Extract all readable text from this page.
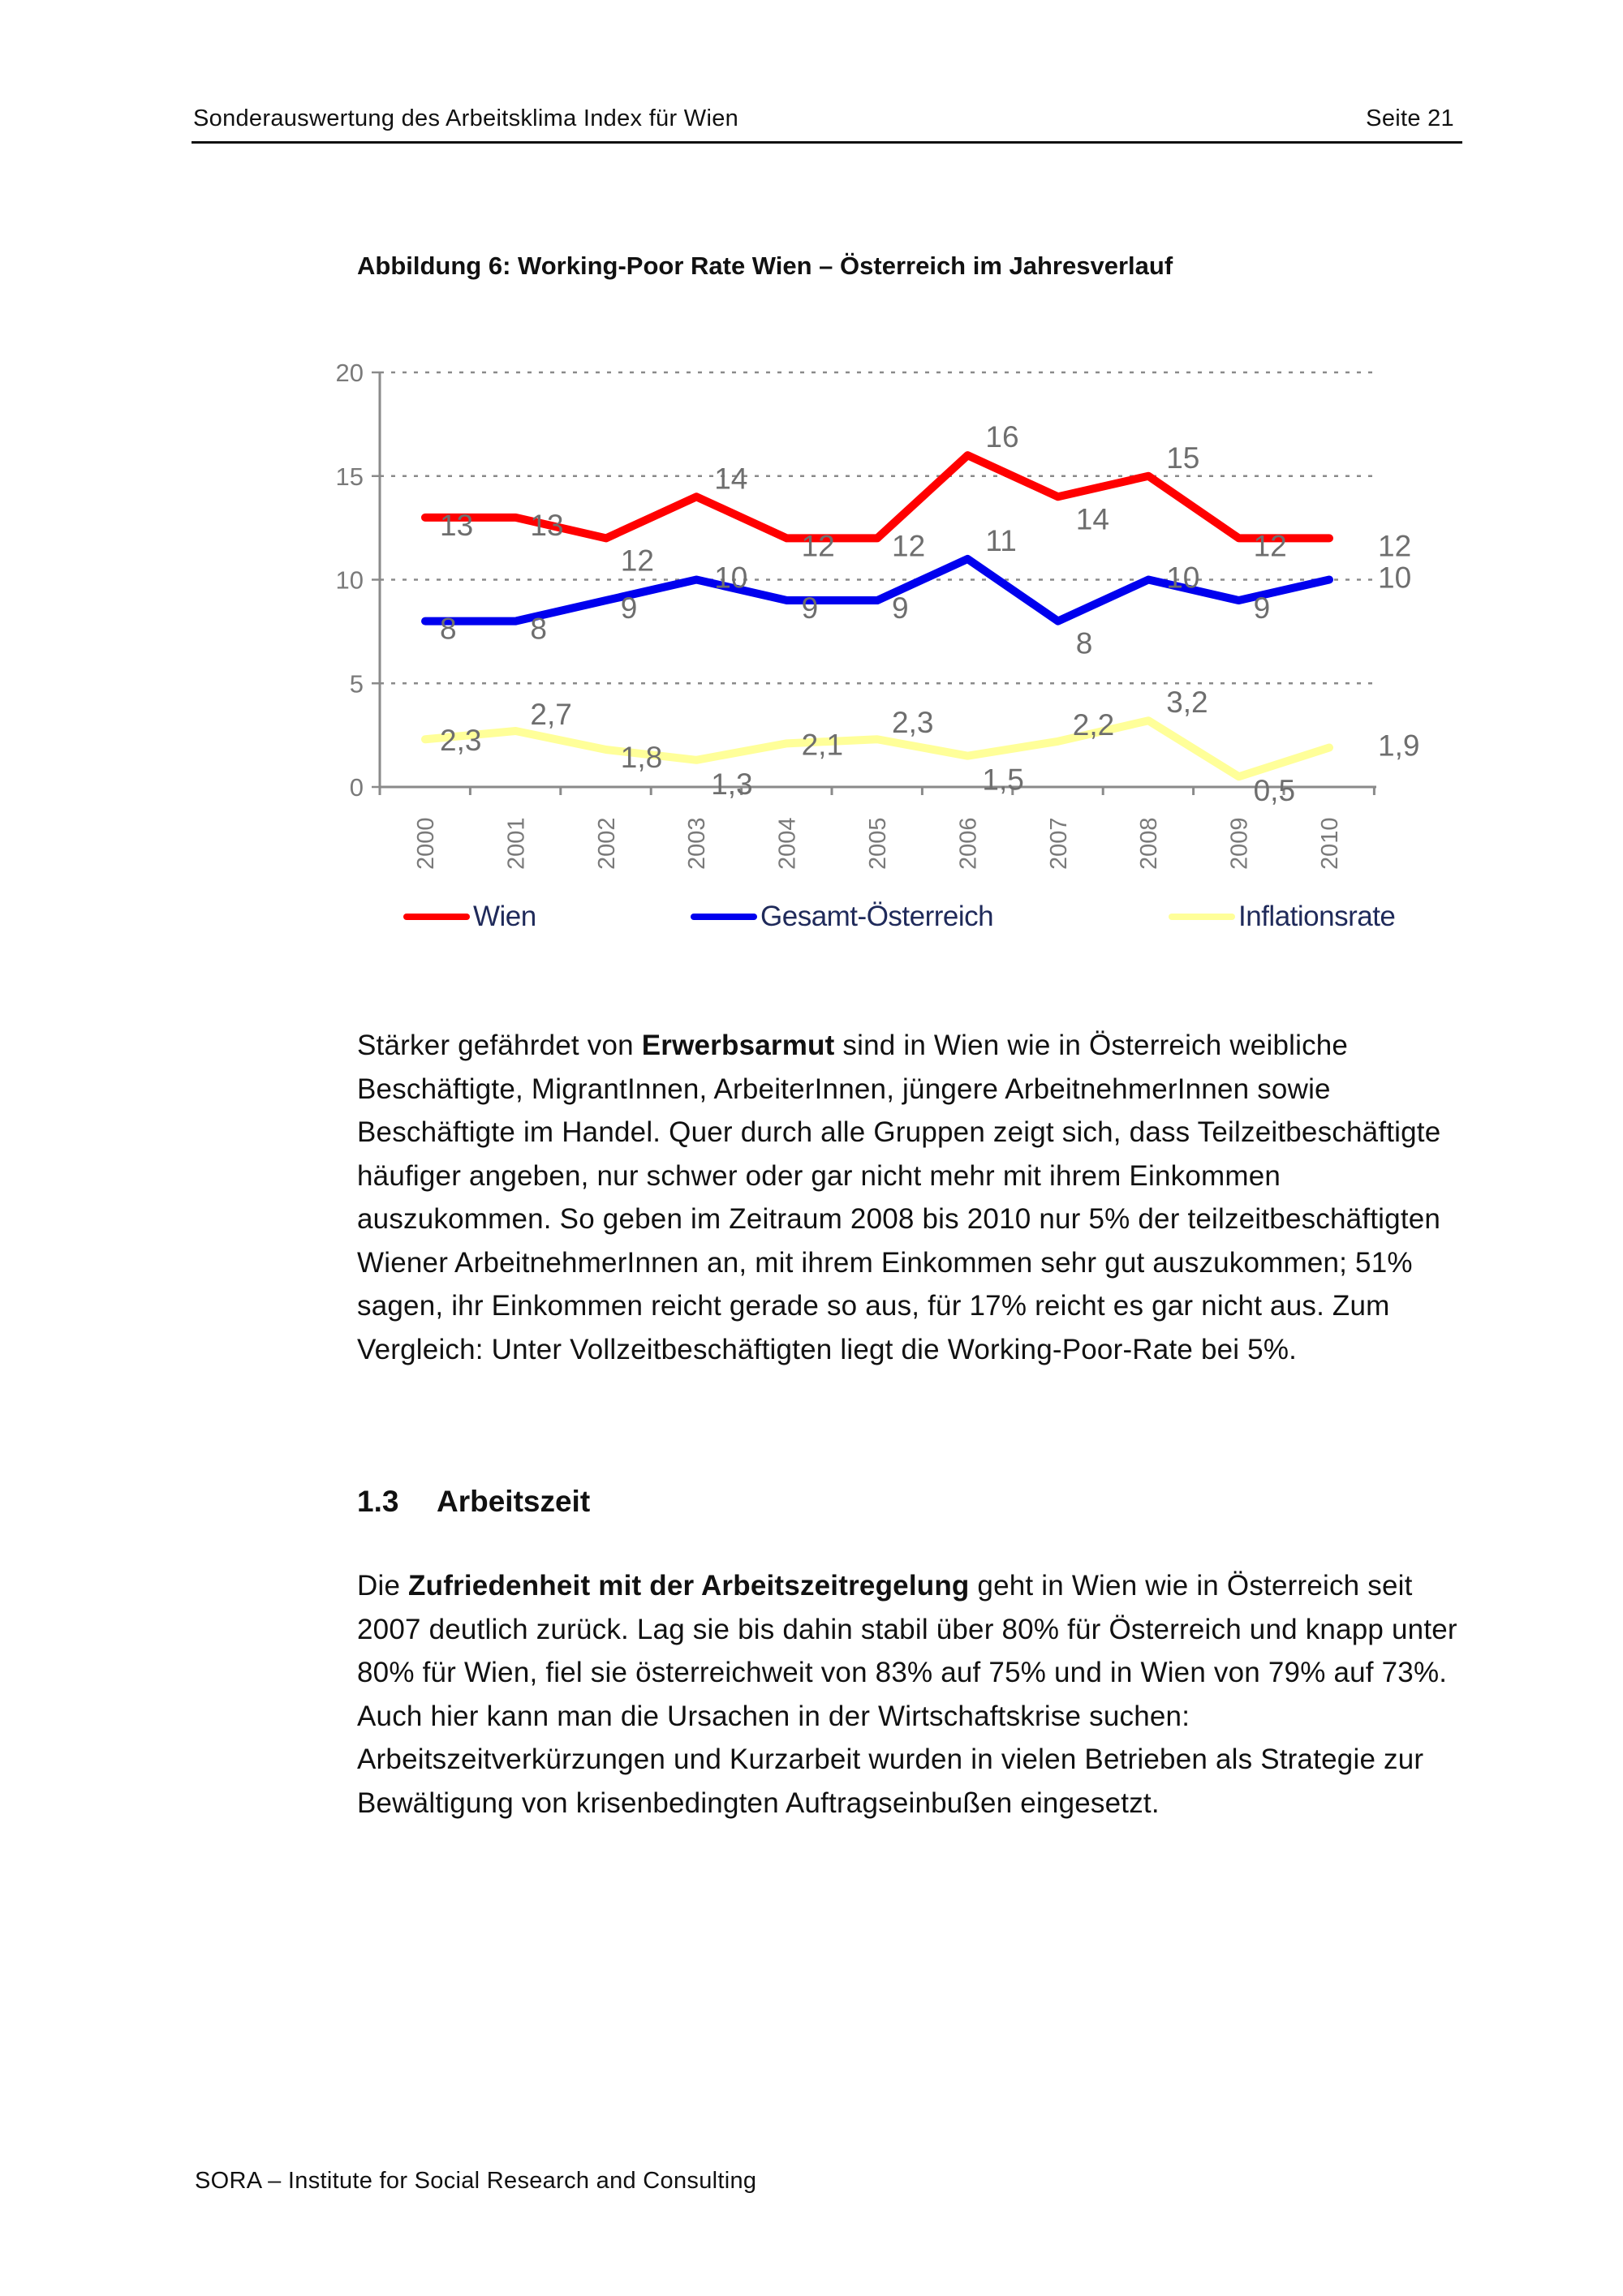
Sonderauswertung des Arbeitsklima Index für Wien	Seite 21
Abbildung 6: Working-Poor Rate Wien – Österreich im Jahresverlauf
0
5
10
15
20
2000	2001	2002	2003	2004	2005	2006	2007	2008	2009	2010
13 13
12
14
12 12
16
14
15
12	12
8 8
9
10
9 9
11
8
10
9
10
2,3
2,7
1,8
1,3
2,1
2,3
1,5
2,2
3,2
0,5
1,9
Wien	Gesamt-Österreich	Inflationsrate
Stärker gefährdet von Erwerbsarmut sind in Wien wie in Österreich weibliche Beschäftigte, MigrantInnen, ArbeiterInnen, jüngere ArbeitnehmerInnen sowie Beschäftigte im Handel. Quer durch alle Gruppen zeigt sich, dass Teilzeitbeschäftigte häufiger angeben, nur schwer oder gar nicht mehr mit ihrem Einkommen auszukommen. So geben im Zeitraum 2008 bis 2010 nur 5% der teilzeitbeschäftigten Wiener ArbeitnehmerInnen an, mit ihrem Einkommen sehr gut auszukommen; 51% sagen, ihr Einkommen reicht gerade so aus, für 17% reicht es gar nicht aus. Zum Vergleich: Unter Vollzeitbeschäftigten liegt die Working-Poor-Rate bei 5%.
1.3 Arbeitszeit
Die Zufriedenheit mit der Arbeitszeitregelung geht in Wien wie in Österreich seit 2007 deutlich zurück. Lag sie bis dahin stabil über 80% für Österreich und knapp unter 80% für Wien, fiel sie österreichweit von 83% auf 75% und in Wien von 79% auf 73%. Auch hier kann man die Ursachen in der Wirtschaftskrise suchen: Arbeitszeitverkürzungen und Kurzarbeit wurden in vielen Betrieben als Strategie zur Bewältigung von krisenbedingten Auftragseinbußen eingesetzt.
SORA – Institute for Social Research and Consulting
